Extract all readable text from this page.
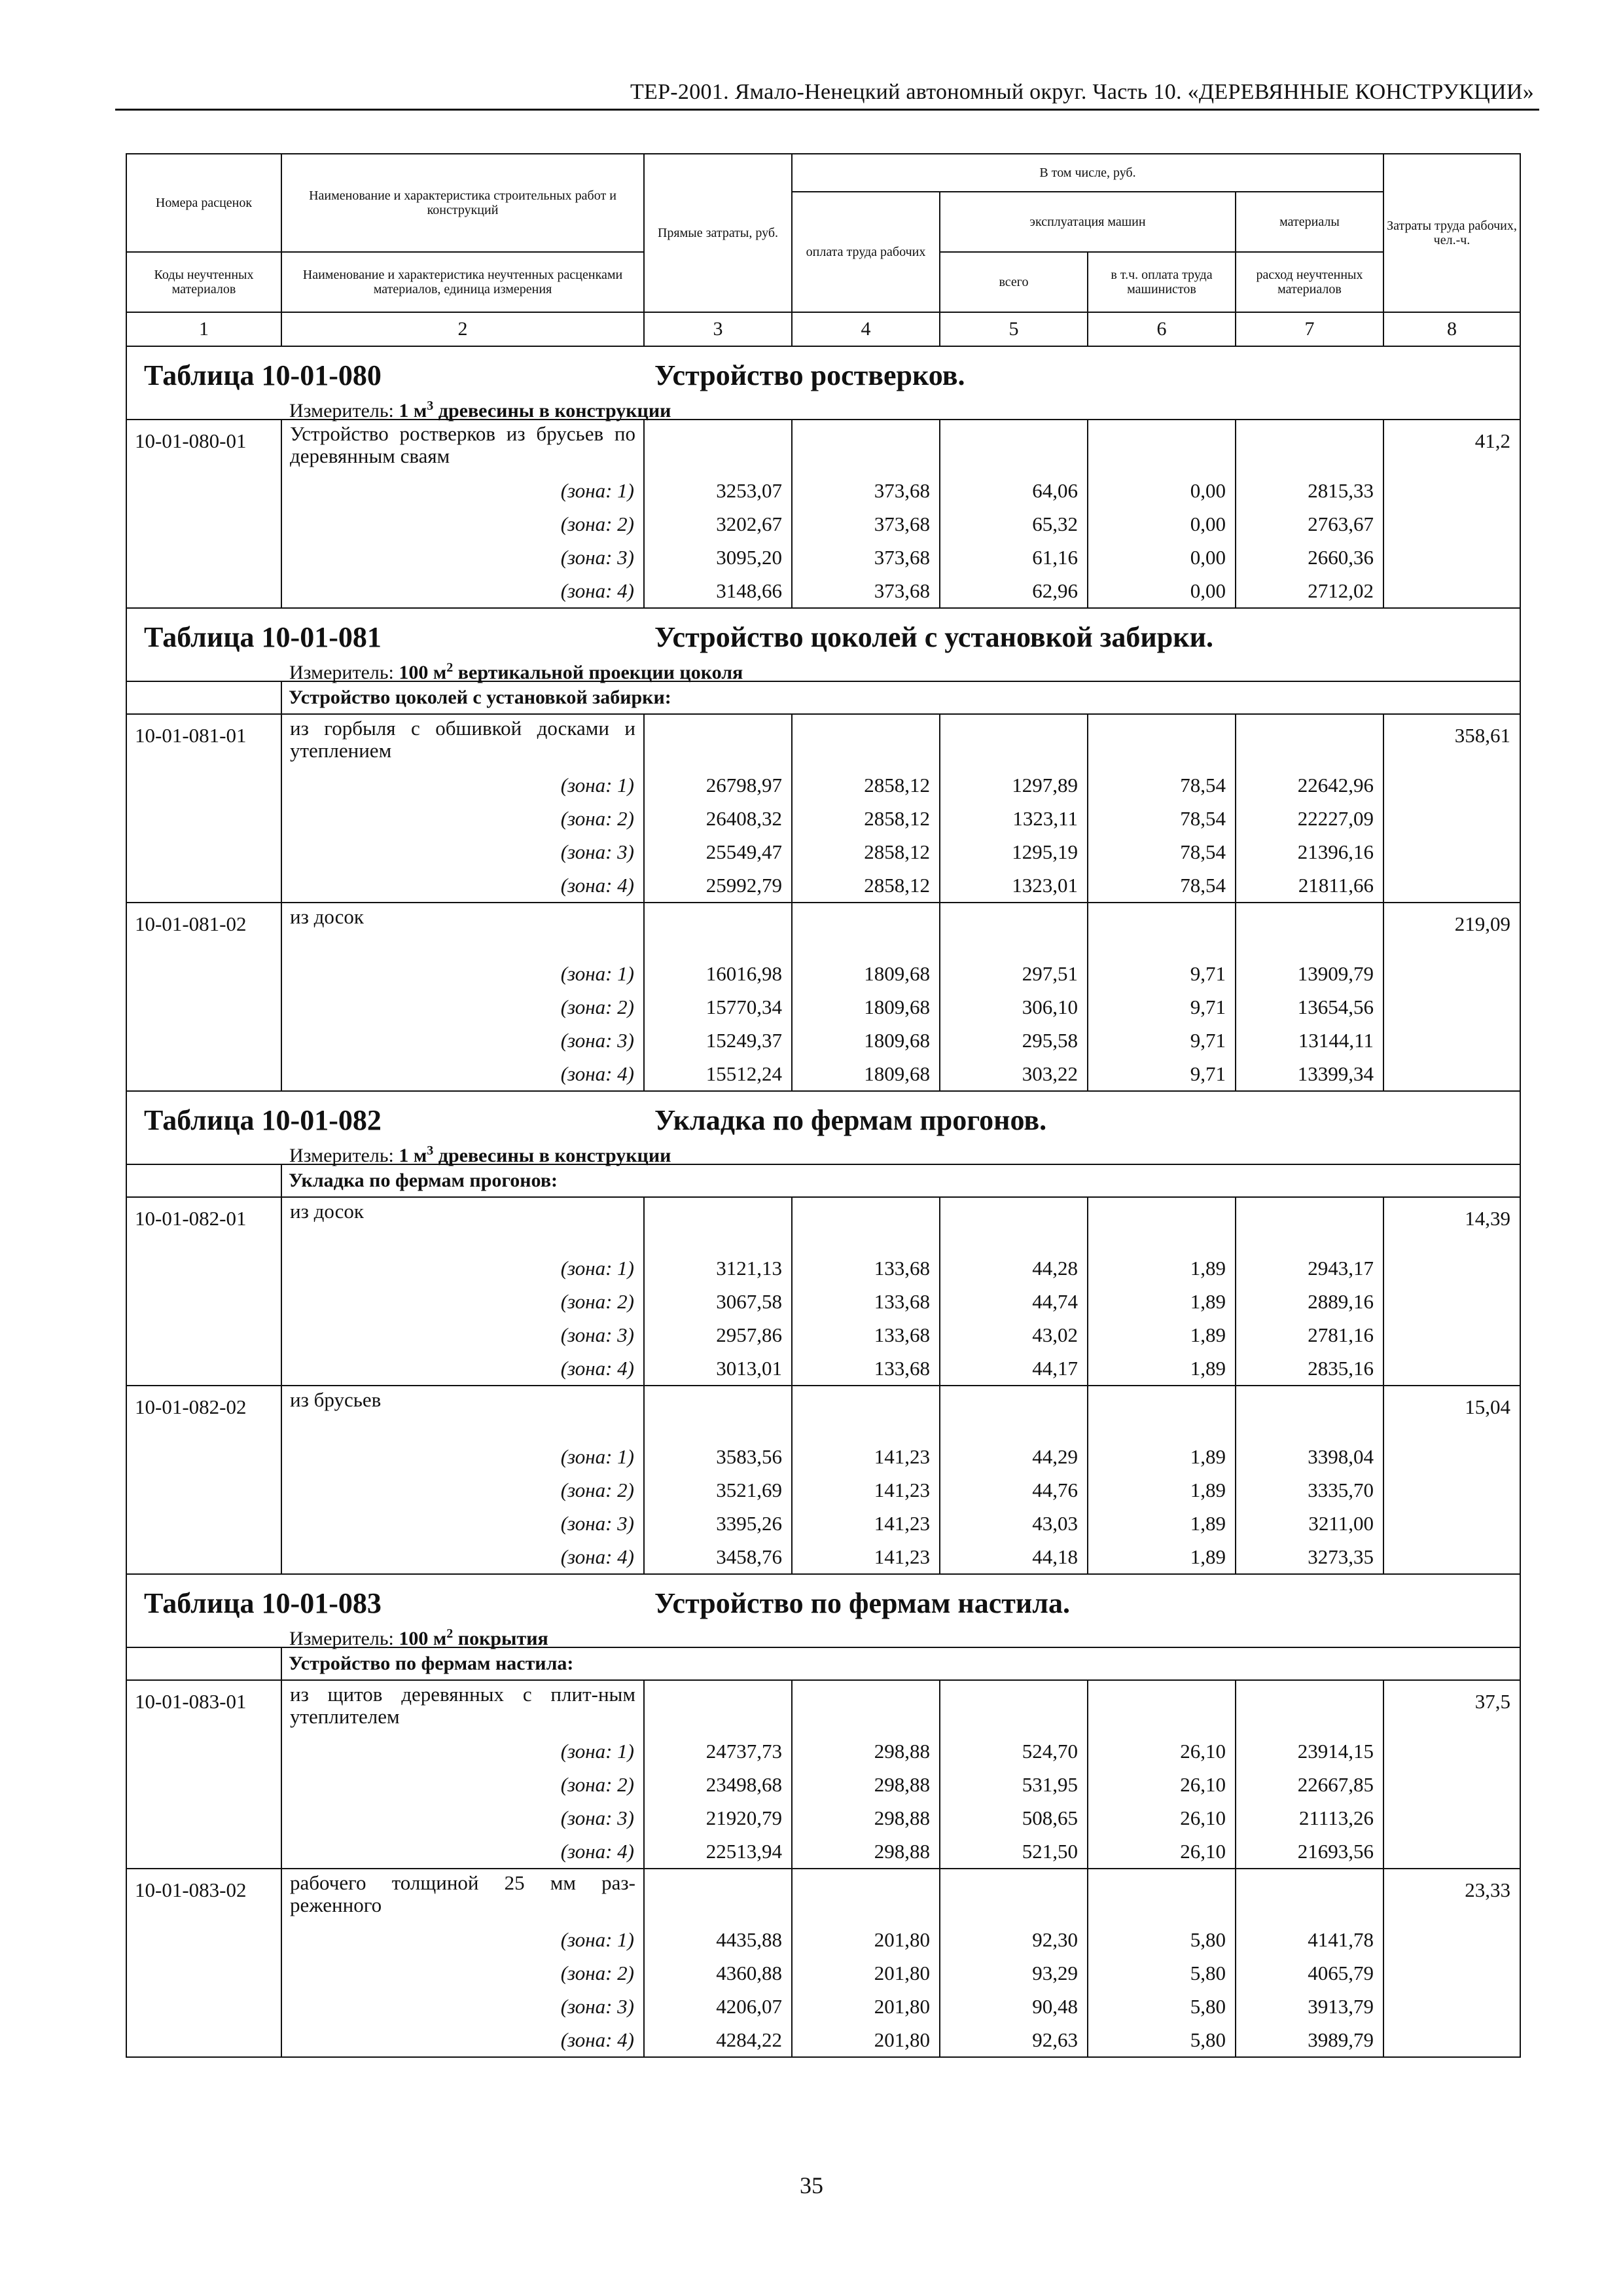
ТЕР-2001. Ямало-Ненецкий автономный округ. Часть 10. «ДЕРЕВЯННЫЕ КОНСТРУКЦИИ»
Номера расценок	Наименование и характеристика строительных работ и конструкций	Прямые затраты, руб.	В том числе, руб.				Затраты труда рабочих, чел.-ч.
			оплата труда рабочих	эксплуатация машин		материалы	
Коды неучтенных материалов	Наименование и характеристика неучтенных расценками материалов, единица измерения			всего	в т.ч. оплата труда машинистов	расход неучтенных материалов	
1	2	3	4	5	6	7	8

Таблица 10-01-080 Устройство ростверков.
Измеритель: 1 $м^3$ древесины в конструкции							

10-01-080-01	Устройство ростверков из брусьев по деревянным сваям						41,2
	(зона: 1)	3253,07	373,68	64,06	0,00	2815,33	
	(зона: 2)	3202,67	373,68	65,32	0,00	2763,67	
	(зона: 3)	3095,20	373,68	61,16	0,00	2660,36	
	(зона: 4)	3148,66	373,68	62,96	0,00	2712,02	

Таблица 10-01-081 Устройство цоколей с установкой забирки.
Измеритель: 100 $м^2$ вертикальной проекции цоколя							

	Устройство цоколей с установкой забирки:						
10-01-081-01	из горбыля с обшивкой досками и утеплением						358,61
	(зона: 1)	26798,97	2858,12	1297,89	78,54	22642,96	
	(зона: 2)	26408,32	2858,12	1323,11	78,54	22227,09	
	(зона: 3)	25549,47	2858,12	1295,19	78,54	21396,16	
	(зона: 4)	25992,79	2858,12	1323,01	78,54	21811,66	
10-01-081-02	из досок						219,09
	(зона: 1)	16016,98	1809,68	297,51	9,71	13909,79	
	(зона: 2)	15770,34	1809,68	306,10	9,71	13654,56	
	(зона: 3)	15249,37	1809,68	295,58	9,71	13144,11	
	(зона: 4)	15512,24	1809,68	303,22	9,71	13399,34	

Таблица 10-01-082 Укладка по фермам прогонов.
Измеритель: 1 $м^3$ древесины в конструкции							

	Укладка по фермам прогонов:						
10-01-082-01	из досок						14,39
	(зона: 1)	3121,13	133,68	44,28	1,89	2943,17	
	(зона: 2)	3067,58	133,68	44,74	1,89	2889,16	
	(зона: 3)	2957,86	133,68	43,02	1,89	2781,16	
	(зона: 4)	3013,01	133,68	44,17	1,89	2835,16	
10-01-082-02	из брусьев						15,04
	(зона: 1)	3583,56	141,23	44,29	1,89	3398,04	
	(зона: 2)	3521,69	141,23	44,76	1,89	3335,70	
	(зона: 3)	3395,26	141,23	43,03	1,89	3211,00	
	(зона: 4)	3458,76	141,23	44,18	1,89	3273,35	

Таблица 10-01-083 Устройство по фермам настила.
Измеритель: 100 $м^2$ покрытия							

	Устройство по фермам настила:						
10-01-083-01	из щитов деревянных с плит-ным утеплителем						37,5
	(зона: 1)	24737,73	298,88	524,70	26,10	23914,15	
	(зона: 2)	23498,68	298,88	531,95	26,10	22667,85	
	(зона: 3)	21920,79	298,88	508,65	26,10	21113,26	
	(зона: 4)	22513,94	298,88	521,50	26,10	21693,56	
10-01-083-02	рабочего толщиной 25 мм раз-реженного						23,33
	(зона: 1)	4435,88	201,80	92,30	5,80	4141,78	
	(зона: 2)	4360,88	201,80	93,29	5,80	4065,79	
	(зона: 3)	4206,07	201,80	90,48	5,80	3913,79	
	(зона: 4)	4284,22	201,80	92,63	5,80	3989,79	
35
